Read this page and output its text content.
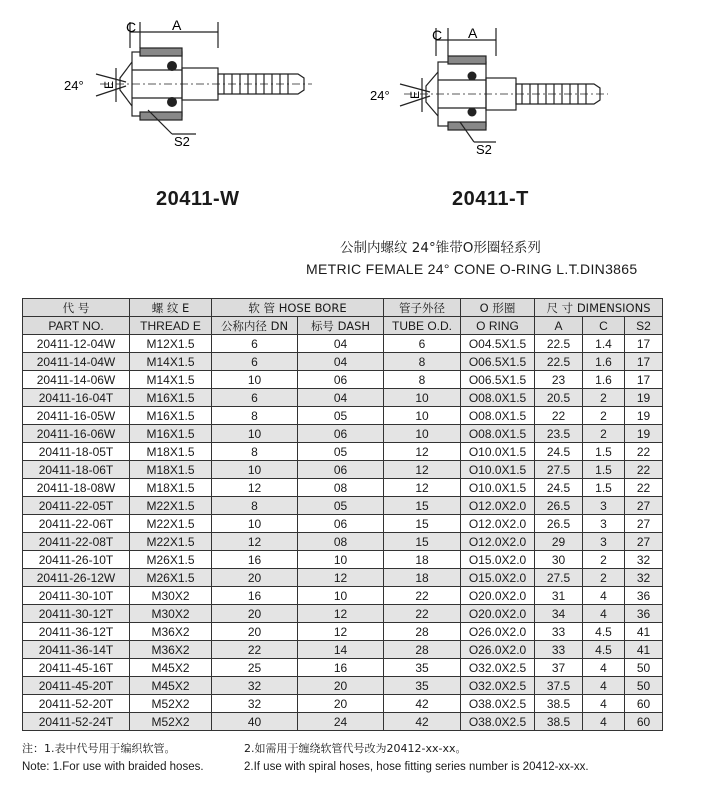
C	A
E
24°
S2
C A
E
24°
S2
20411-W	20411-T
公制内螺纹 24°锥带O形圈轻系列
METRIC FEMALE 24° CONE O-RING L.T.DIN3865
代 号	螺 纹 E	软 管 HOSE BORE		管子外径	O 形圈	尺 寸 DIMENSIONS		
PART NO.	THREAD E	公称内径 DN	标号 DASH	TUBE O.D.	O RING	A	C	S2
20411-12-04W	M12X1.5	6	04	6	O04.5X1.5	22.5	1.4	17
20411-14-04W	M14X1.5	6	04	8	O06.5X1.5	22.5	1.6	17
20411-14-06W	M14X1.5	10	06	8	O06.5X1.5	23	1.6	17
20411-16-04T	M16X1.5	6	04	10	O08.0X1.5	20.5	2	19
20411-16-05W	M16X1.5	8	05	10	O08.0X1.5	22	2	19
20411-16-06W	M16X1.5	10	06	10	O08.0X1.5	23.5	2	19
20411-18-05T	M18X1.5	8	05	12	O10.0X1.5	24.5	1.5	22
20411-18-06T	M18X1.5	10	06	12	O10.0X1.5	27.5	1.5	22
20411-18-08W	M18X1.5	12	08	12	O10.0X1.5	24.5	1.5	22
20411-22-05T	M22X1.5	8	05	15	O12.0X2.0	26.5	3	27
20411-22-06T	M22X1.5	10	06	15	O12.0X2.0	26.5	3	27
20411-22-08T	M22X1.5	12	08	15	O12.0X2.0	29	3	27
20411-26-10T	M26X1.5	16	10	18	O15.0X2.0	30	2	32
20411-26-12W	M26X1.5	20	12	18	O15.0X2.0	27.5	2	32
20411-30-10T	M30X2	16	10	22	O20.0X2.0	31	4	36
20411-30-12T	M30X2	20	12	22	O20.0X2.0	34	4	36
20411-36-12T	M36X2	20	12	28	O26.0X2.0	33	4.5	41
20411-36-14T	M36X2	22	14	28	O26.0X2.0	33	4.5	41
20411-45-16T	M45X2	25	16	35	O32.0X2.5	37	4	50
20411-45-20T	M45X2	32	20	35	O32.0X2.5	37.5	4	50
20411-52-20T	M52X2	32	20	42	O38.0X2.5	38.5	4	60
20411-52-24T	M52X2	40	24	42	O38.0X2.5	38.5	4	60
注：1.表中代号用于编织软管。	2.如需用于缠绕软管代号改为20412-xx-xx。
Note: 1.For use with braided hoses.	2.If use with spiral hoses, hose fitting series number is 20412-xx-xx.
